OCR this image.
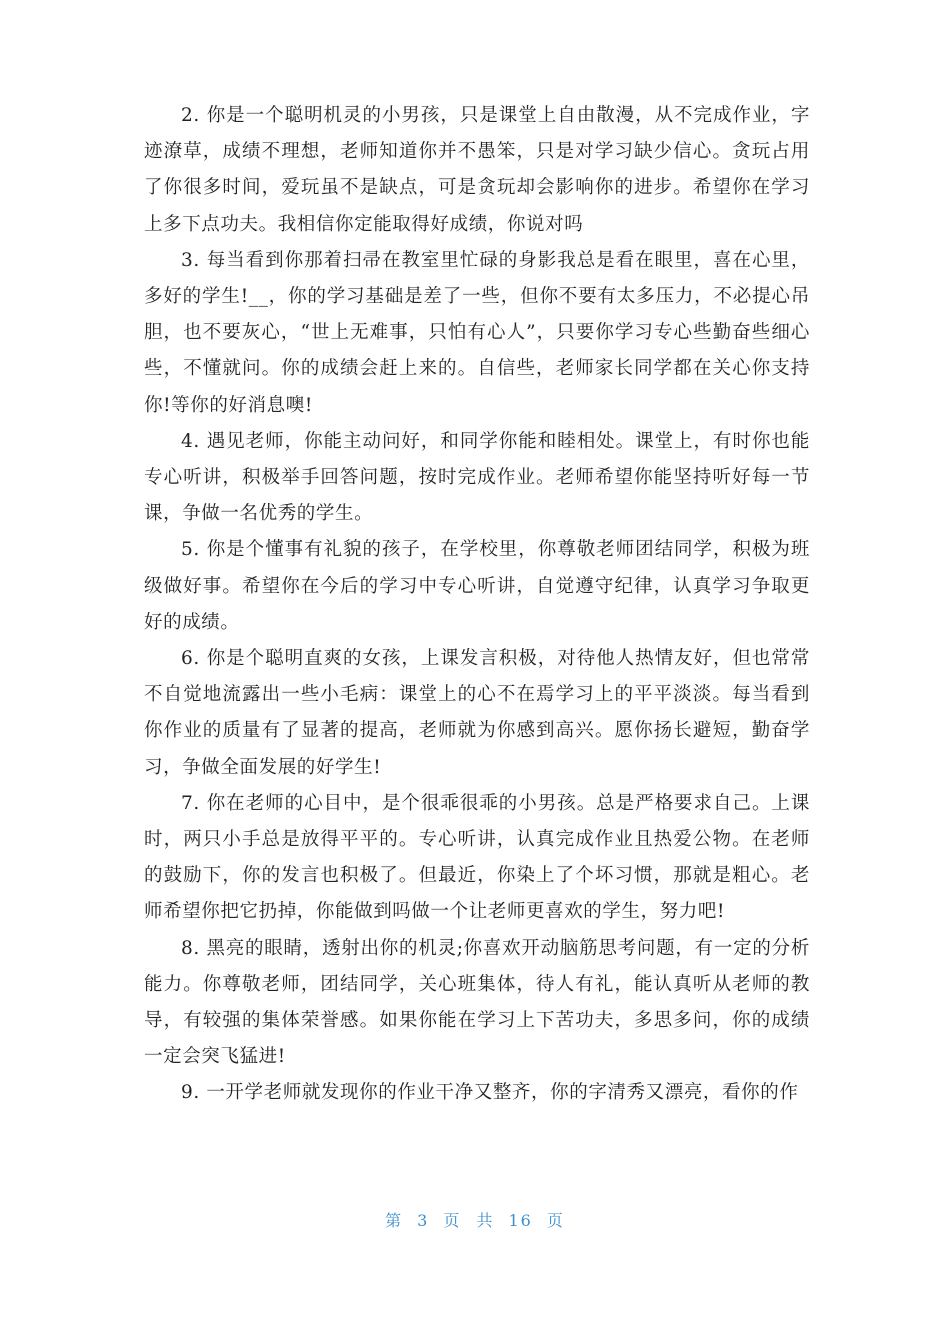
2. 你是一个聪明机灵的小男孩，只是课堂上自由散漫，从不完成作业，字迹潦草，成绩不理想，老师知道你并不愚笨，只是对学习缺少信心。贪玩占用了你很多时间，爱玩虽不是缺点，可是贪玩却会影响你的进步。希望你在学习上多下点功夫。我相信你定能取得好成绩，你说对吗

3. 每当看到你那着扫帚在教室里忙碌的身影我总是看在眼里，喜在心里，多好的学生!__，你的学习基础是差了一些，但你不要有太多压力，不必提心吊胆，也不要灰心，“世上无难事，只怕有心人”，只要你学习专心些勤奋些细心些，不懂就问。你的成绩会赶上来的。自信些，老师家长同学都在关心你支持你!等你的好消息噢!

4. 遇见老师，你能主动问好，和同学你能和睦相处。课堂上，有时你也能专心听讲，积极举手回答问题，按时完成作业。老师希望你能坚持听好每一节课，争做一名优秀的学生。

5. 你是个懂事有礼貌的孩子，在学校里，你尊敬老师团结同学，积极为班级做好事。希望你在今后的学习中专心听讲，自觉遵守纪律，认真学习争取更好的成绩。

6. 你是个聪明直爽的女孩，上课发言积极，对待他人热情友好，但也常常不自觉地流露出一些小毛病：课堂上的心不在焉学习上的平平淡淡。每当看到你作业的质量有了显著的提高，老师就为你感到高兴。愿你扬长避短，勤奋学习，争做全面发展的好学生!

7. 你在老师的心目中，是个很乖很乖的小男孩。总是严格要求自己。上课时，两只小手总是放得平平的。专心听讲，认真完成作业且热爱公物。在老师的鼓励下，你的发言也积极了。但最近，你染上了个坏习惯，那就是粗心。老师希望你把它扔掉，你能做到吗做一个让老师更喜欢的学生，努力吧!

8. 黑亮的眼睛，透射出你的机灵;你喜欢开动脑筋思考问题，有一定的分析能力。你尊敬老师，团结同学，关心班集体，待人有礼，能认真听从老师的教导，有较强的集体荣誉感。如果你能在学习上下苦功夫，多思多问，你的成绩一定会突飞猛进!

9. 一开学老师就发现你的作业干净又整齐，你的字清秀又漂亮，看你的作

第 3 页 共 16 页
